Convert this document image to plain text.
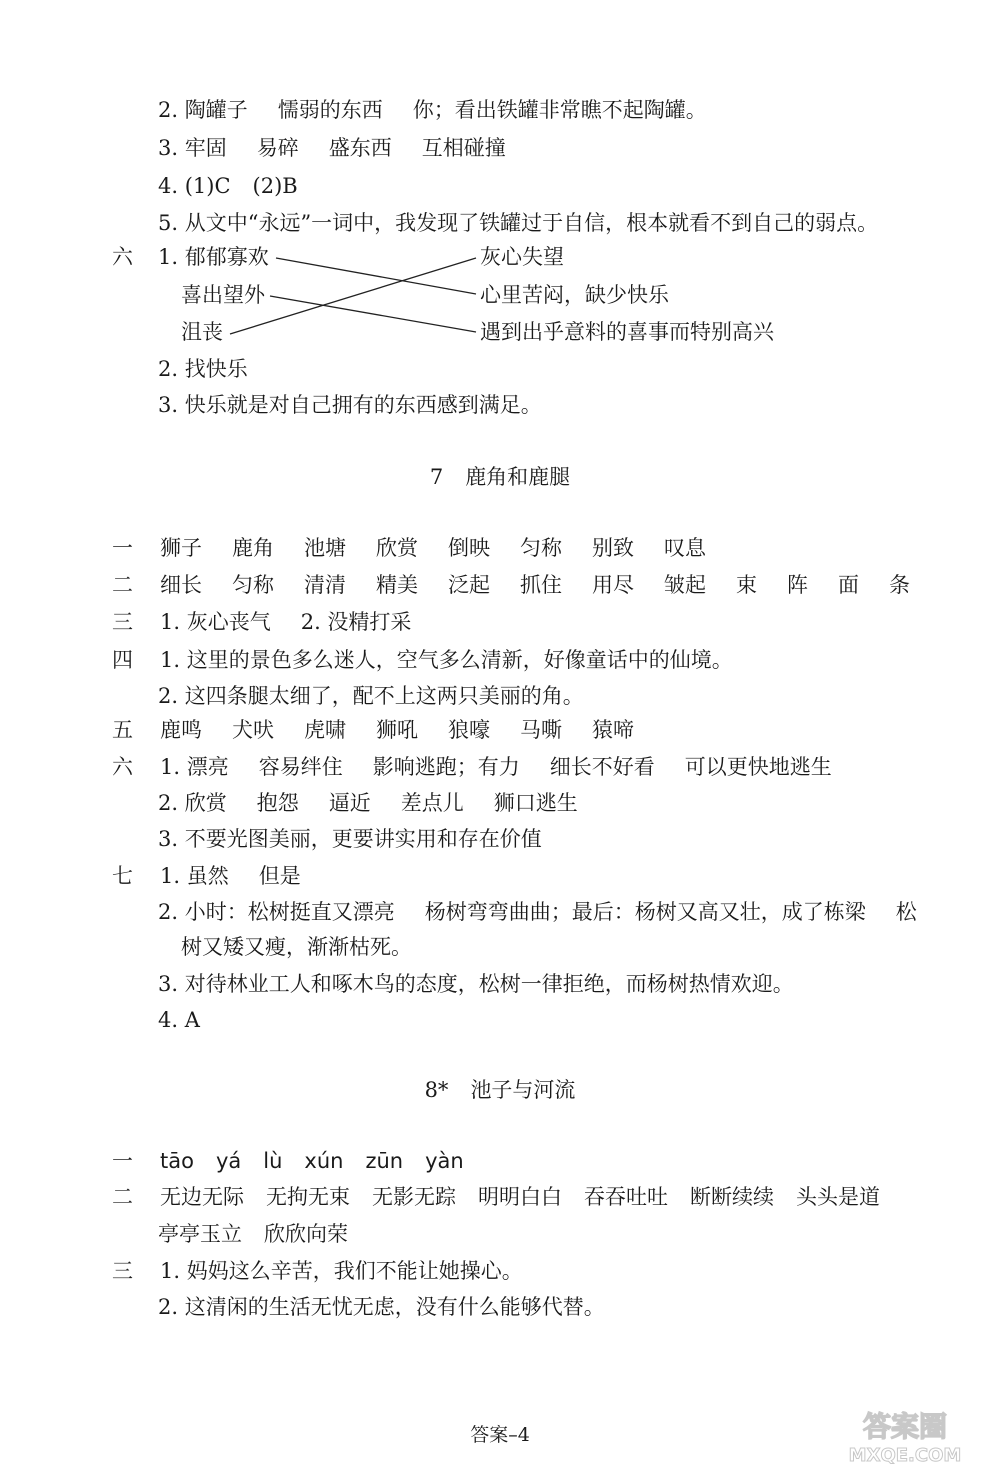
2. 陶罐子 懦弱的东西 你；看出铁罐非常瞧不起陶罐。
3. 牢固 易碎 盛东西 互相碰撞
4. (1)C (2)B
5. 从文中“永远”一词中，我发现了铁罐过于自信，根本就看不到自己的弱点。
六 1. 郁郁寡欢
喜出望外
沮丧
灰心失望
心里苦闷，缺少快乐
遇到出乎意料的喜事而特别高兴
2. 找快乐
3. 快乐就是对自己拥有的东西感到满足。
7 鹿角和鹿腿
一 狮子 鹿角 池塘 欣赏 倒映 匀称 别致 叹息
二 细长 匀称 清清 精美 泛起 抓住 用尽 皱起 束 阵 面 条
三 1. 灰心丧气 2. 没精打采
四 1. 这里的景色多么迷人，空气多么清新，好像童话中的仙境。
2. 这四条腿太细了，配不上这两只美丽的角。
五 鹿鸣 犬吠 虎啸 狮吼 狼嚎 马嘶 猿啼
六 1. 漂亮 容易绊住 影响逃跑；有力 细长不好看 可以更快地逃生
2. 欣赏 抱怨 逼近 差点儿 狮口逃生
3. 不要光图美丽，更要讲实用和存在价值
七 1. 虽然 但是
2. 小时：松树挺直又漂亮 杨树弯弯曲曲；最后：杨树又高又壮，成了栋梁 松
树又矮又瘦，渐渐枯死。
3. 对待林业工人和啄木鸟的态度，松树一律拒绝，而杨树热情欢迎。
4. A
8* 池子与河流
一 tāo yá lù xún zūn yàn
二 无边无际 无拘无束 无影无踪 明明白白 吞吞吐吐 断断续续 头头是道
亭亭玉立 欣欣向荣
三 1. 妈妈这么辛苦，我们不能让她操心。
2. 这清闲的生活无忧无虑，没有什么能够代替。
答案–4	答案圈
MXQE.COM
